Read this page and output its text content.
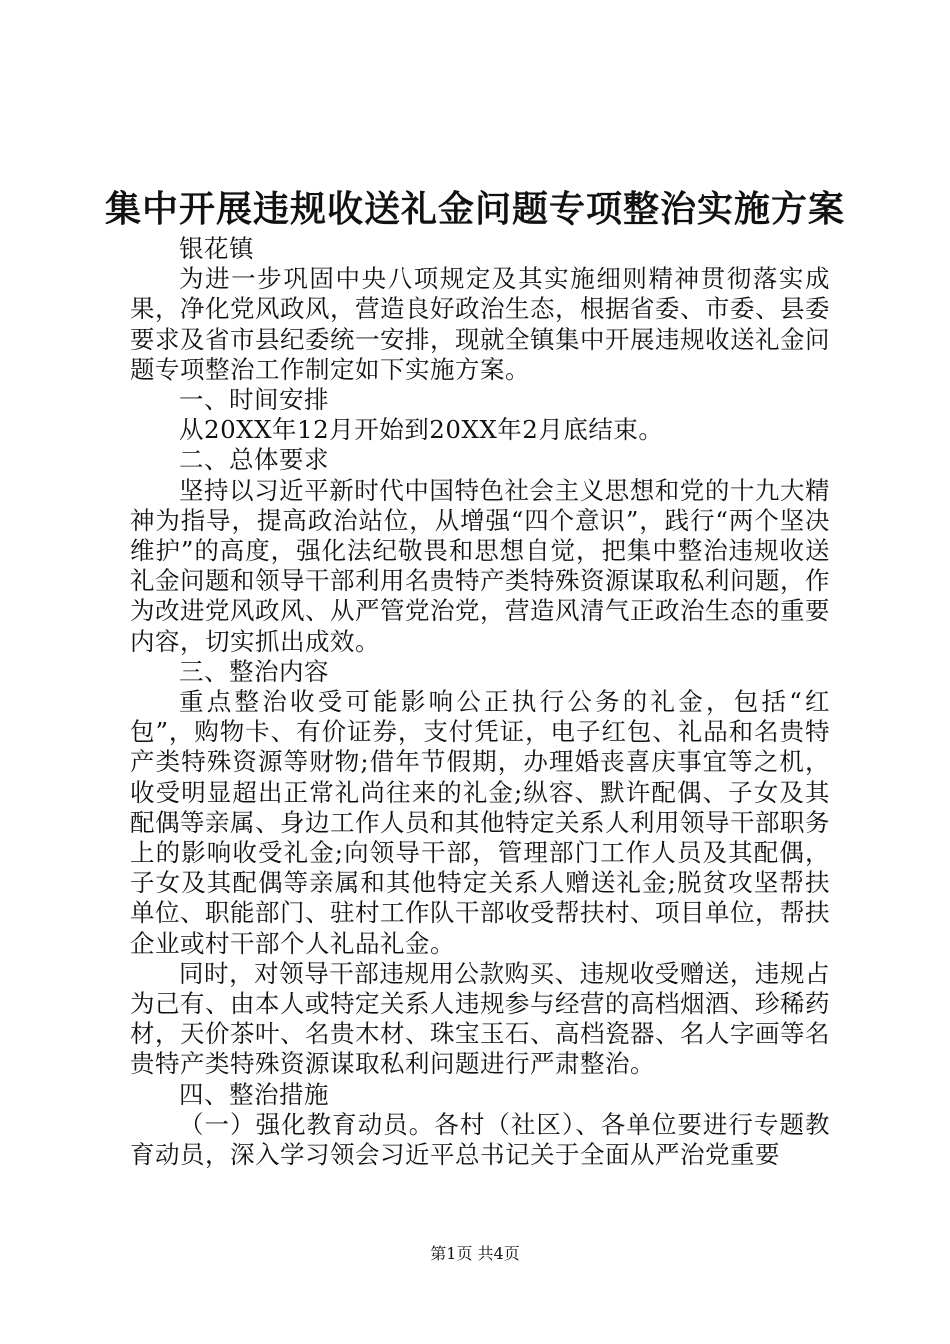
集中开展违规收送礼金问题专项整治实施方案

银花镇

为进一步巩固中央八项规定及其实施细则精神贯彻落实成果，净化党风政风，营造良好政治生态，根据省委、市委、县委要求及省市县纪委统一安排，现就全镇集中开展违规收送礼金问题专项整治工作制定如下实施方案。

一、时间安排

从20XX年12月开始到20XX年2月底结束。

二、总体要求

坚持以习近平新时代中国特色社会主义思想和党的十九大精神为指导，提高政治站位，从增强“四个意识”，践行“两个坚决维护”的高度，强化法纪敬畏和思想自觉，把集中整治违规收送礼金问题和领导干部利用名贵特产类特殊资源谋取私利问题，作为改进党风政风、从严管党治党，营造风清气正政治生态的重要内容，切实抓出成效。

三、整治内容

重点整治收受可能影响公正执行公务的礼金，包括“红包”，购物卡、有价证券，支付凭证，电子红包、礼品和名贵特产类特殊资源等财物;借年节假期，办理婚丧喜庆事宜等之机，收受明显超出正常礼尚往来的礼金;纵容、默许配偶、子女及其配偶等亲属、身边工作人员和其他特定关系人利用领导干部职务上的影响收受礼金;向领导干部，管理部门工作人员及其配偶，子女及其配偶等亲属和其他特定关系人赠送礼金;脱贫攻坚帮扶单位、职能部门、驻村工作队干部收受帮扶村、项目单位，帮扶企业或村干部个人礼品礼金。

同时，对领导干部违规用公款购买、违规收受赠送，违规占为己有、由本人或特定关系人违规参与经营的高档烟酒、珍稀药材，天价茶叶、名贵木材、珠宝玉石、高档瓷器、名人字画等名贵特产类特殊资源谋取私利问题进行严肃整治。

四、整治措施

（一）强化教育动员。各村（社区）、各单位要进行专题教育动员，深入学习领会习近平总书记关于全面从严治党重要

第1页 共4页
